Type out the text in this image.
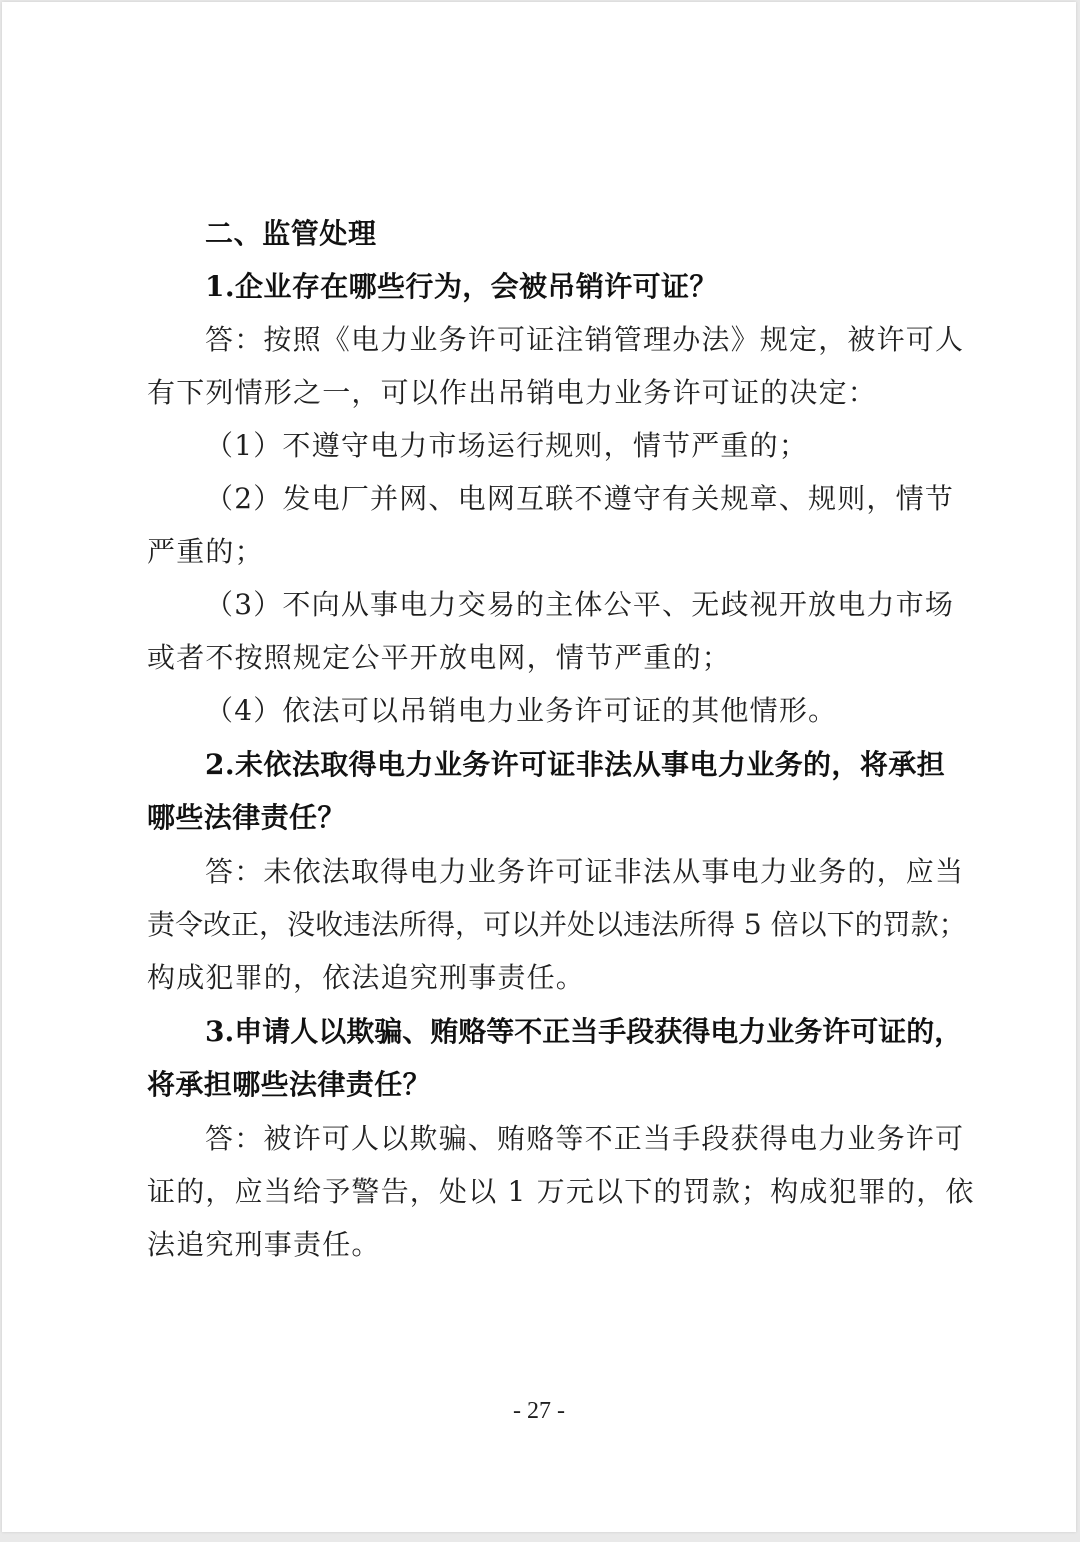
二、监管处理
1.企业存在哪些行为，会被吊销许可证？
答：按照《电力业务许可证注销管理办法》规定，被许可人
有下列情形之一，可以作出吊销电力业务许可证的决定：
（1）不遵守电力市场运行规则，情节严重的；
（2）发电厂并网、电网互联不遵守有关规章、规则，情节
严重的；
（3）不向从事电力交易的主体公平、无歧视开放电力市场
或者不按照规定公平开放电网，情节严重的；
（4）依法可以吊销电力业务许可证的其他情形。
2.未依法取得电力业务许可证非法从事电力业务的，将承担
哪些法律责任？
答：未依法取得电力业务许可证非法从事电力业务的，应当
责令改正，没收违法所得，可以并处以违法所得 5 倍以下的罚款；
构成犯罪的，依法追究刑事责任。
3.申请人以欺骗、贿赂等不正当手段获得电力业务许可证的，
将承担哪些法律责任？
答：被许可人以欺骗、贿赂等不正当手段获得电力业务许可
证的，应当给予警告，处以 1 万元以下的罚款；构成犯罪的，依
法追究刑事责任。
- 27 -
